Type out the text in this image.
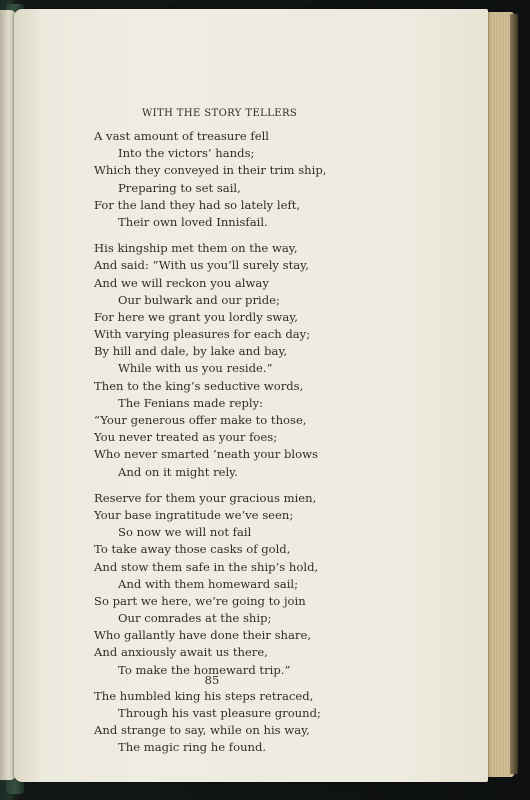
WITH THE STORY TELLERS
A vast amount of treasure fell
Into the victors’ hands;
Which they conveyed in their trim ship,
Preparing to set sail,
For the land they had so lately left,
Their own loved Innisfail.
His kingship met them on the way,
And said: “With us you’ll surely stay,
And we will reckon you alway
Our bulwark and our pride;
For here we grant you lordly sway,
With varying pleasures for each day;
By hill and dale, by lake and bay,
While with us you reside.”
Then to the king’s seductive words,
The Fenians made reply:
“Your generous offer make to those,
You never treated as your foes;
Who never smarted ’neath your blows
And on it might rely.
Reserve for them your gracious mien,
Your base ingratitude we’ve seen;
So now we will not fail
To take away those casks of gold,
And stow them safe in the ship’s hold,
And with them homeward sail;
So part we here, we’re going to join
Our comrades at the ship;
Who gallantly have done their share,
And anxiously await us there,
To make the homeward trip.”
The humbled king his steps retraced,
Through his vast pleasure ground;
And strange to say, while on his way,
The magic ring he found.
85
